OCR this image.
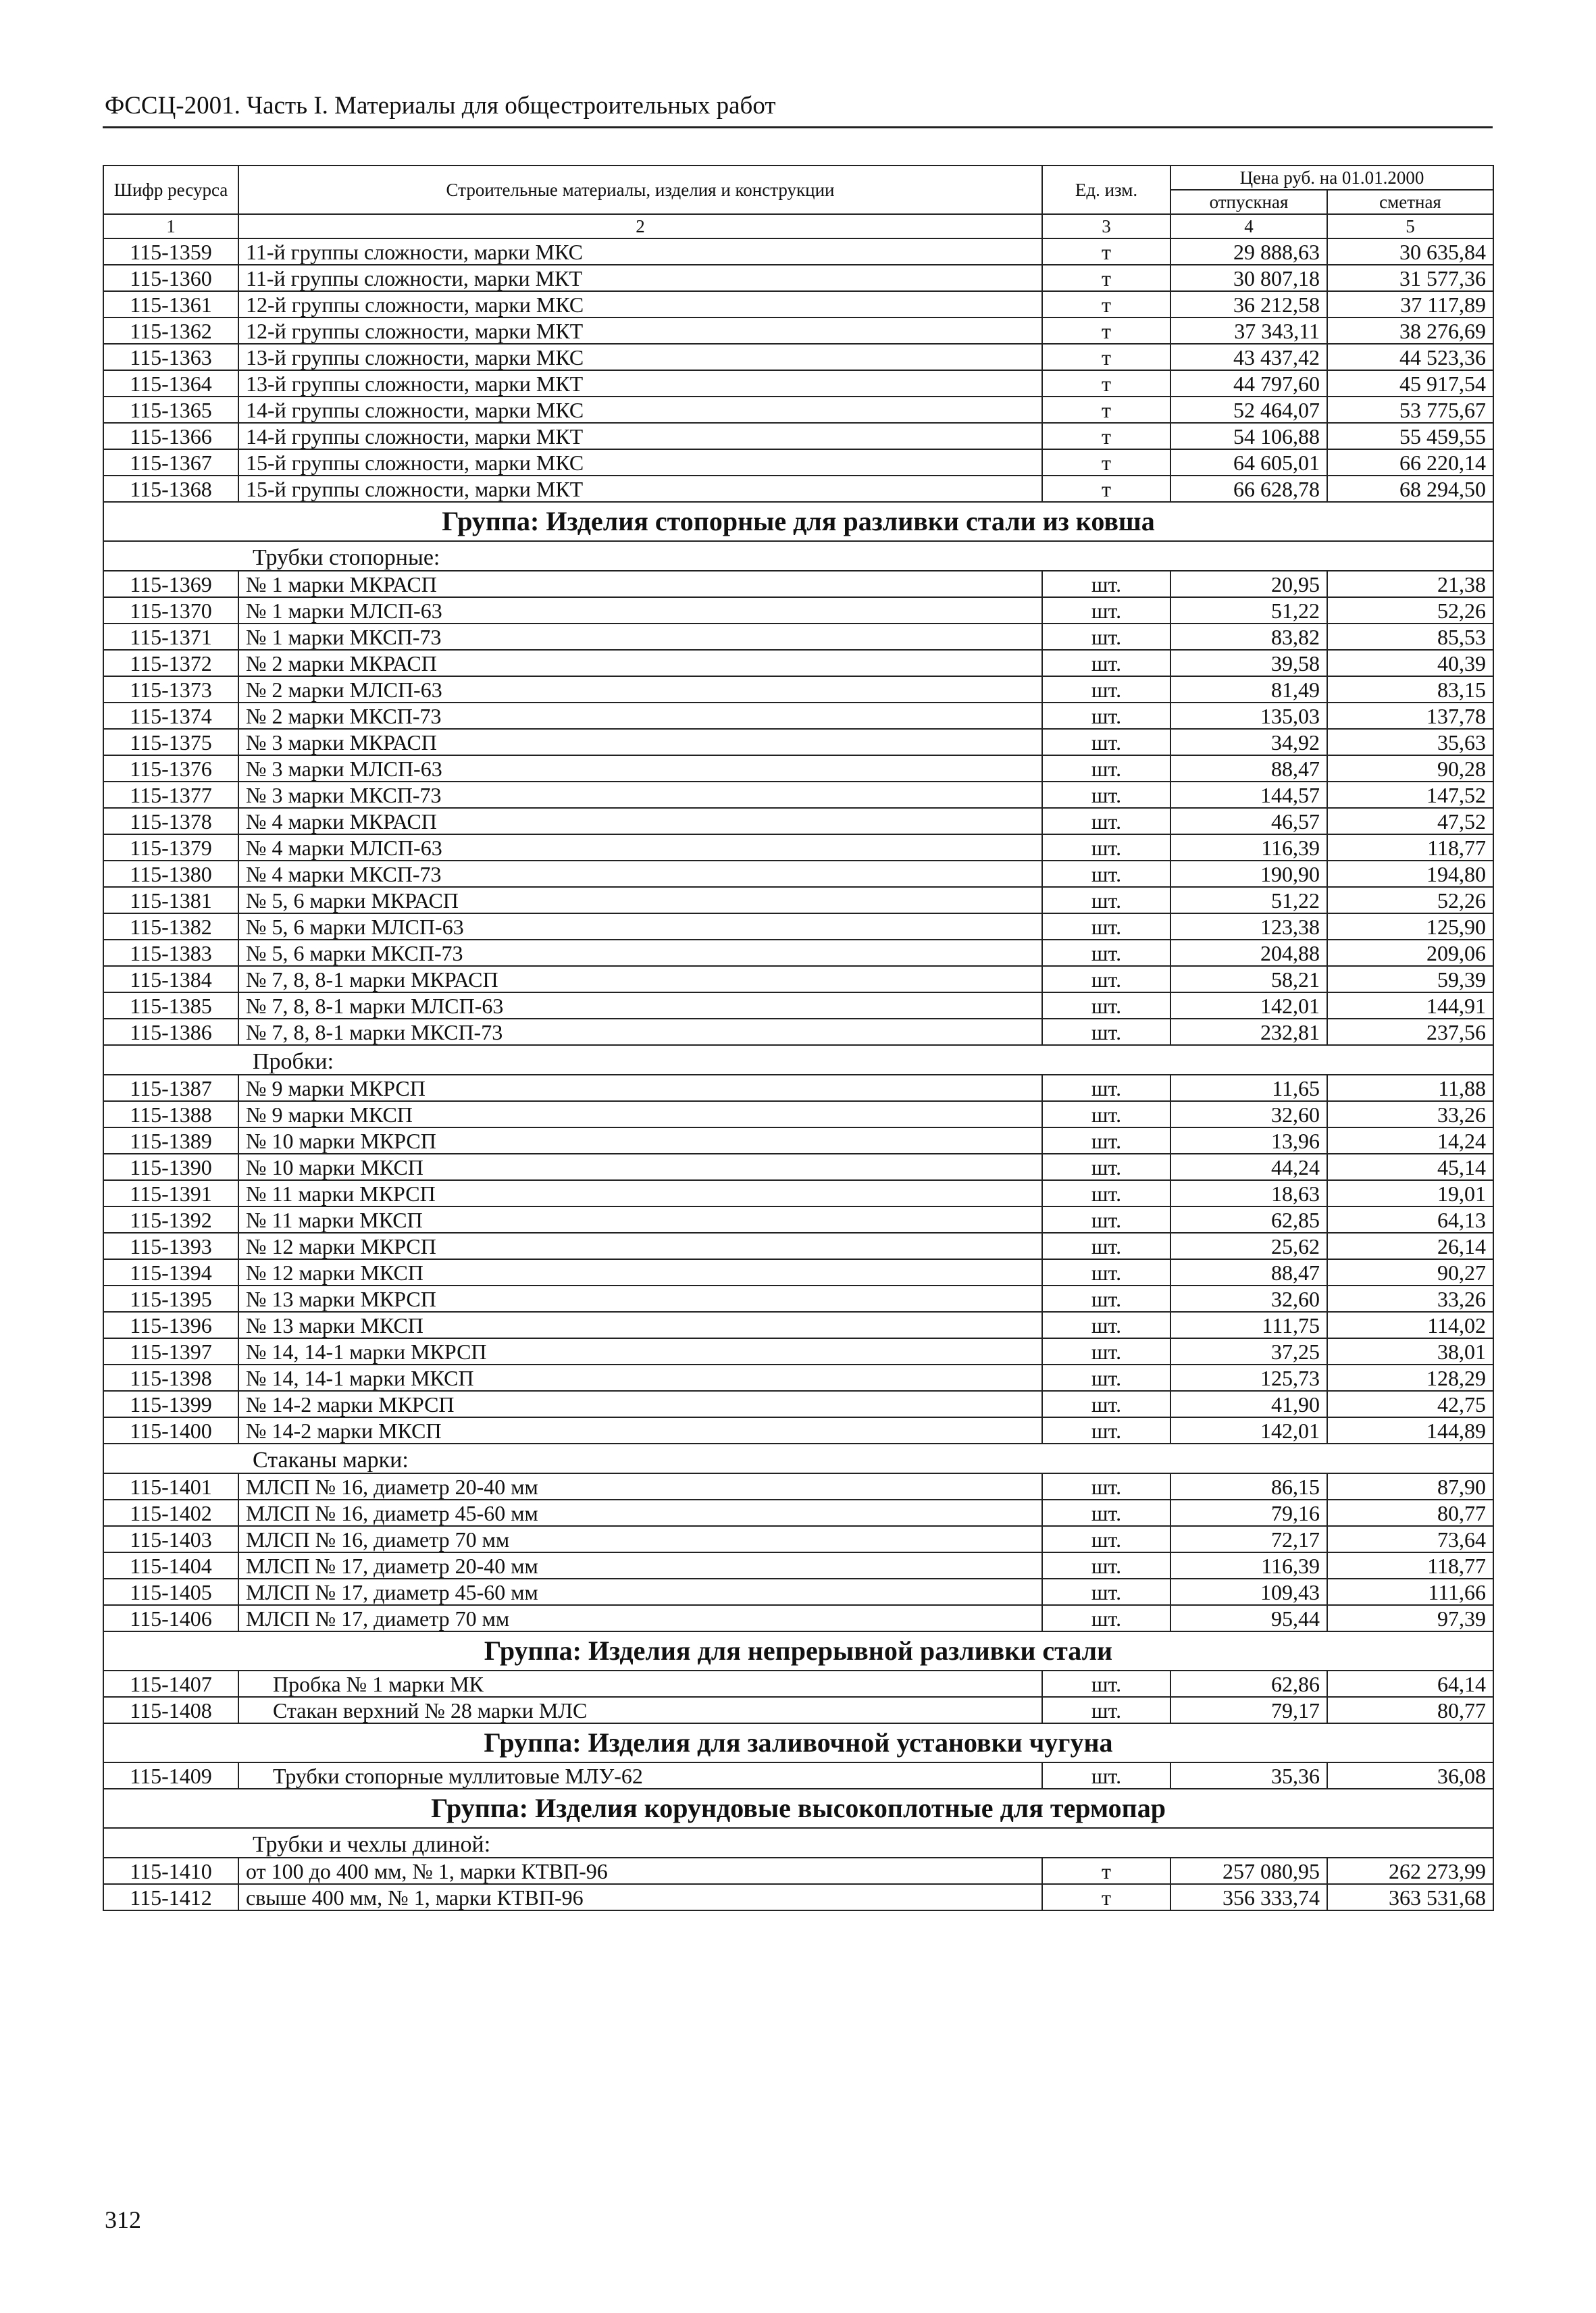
ФССЦ-2001. Часть I. Материалы для общестроительных работ
Шифр ресурса	Строительные материалы, изделия и конструкции	Ед. изм.	Цена руб. на 01.01.2000	
			отпускная	сметная
1	2	3	4	5
115-1359	11-й группы сложности, марки МКС	т	29 888,63	30 635,84
115-1360	11-й группы сложности, марки МКТ	т	30 807,18	31 577,36
115-1361	12-й группы сложности, марки МКС	т	36 212,58	37 117,89
115-1362	12-й группы сложности, марки МКТ	т	37 343,11	38 276,69
115-1363	13-й группы сложности, марки МКС	т	43 437,42	44 523,36
115-1364	13-й группы сложности, марки МКТ	т	44 797,60	45 917,54
115-1365	14-й группы сложности, марки МКС	т	52 464,07	53 775,67
115-1366	14-й группы сложности, марки МКТ	т	54 106,88	55 459,55
115-1367	15-й группы сложности, марки МКС	т	64 605,01	66 220,14
115-1368	15-й группы сложности, марки МКТ	т	66 628,78	68 294,50
Группа: Изделия стопорные для разливки стали из ковша				
Трубки стопорные:				
115-1369	№ 1 марки МКРАСП	шт.	20,95	21,38
115-1370	№ 1 марки МЛСП-63	шт.	51,22	52,26
115-1371	№ 1 марки МКСП-73	шт.	83,82	85,53
115-1372	№ 2 марки МКРАСП	шт.	39,58	40,39
115-1373	№ 2 марки МЛСП-63	шт.	81,49	83,15
115-1374	№ 2 марки МКСП-73	шт.	135,03	137,78
115-1375	№ 3 марки МКРАСП	шт.	34,92	35,63
115-1376	№ 3 марки МЛСП-63	шт.	88,47	90,28
115-1377	№ 3 марки МКСП-73	шт.	144,57	147,52
115-1378	№ 4 марки МКРАСП	шт.	46,57	47,52
115-1379	№ 4 марки МЛСП-63	шт.	116,39	118,77
115-1380	№ 4 марки МКСП-73	шт.	190,90	194,80
115-1381	№ 5, 6 марки МКРАСП	шт.	51,22	52,26
115-1382	№ 5, 6 марки МЛСП-63	шт.	123,38	125,90
115-1383	№ 5, 6 марки МКСП-73	шт.	204,88	209,06
115-1384	№ 7, 8, 8-1 марки МКРАСП	шт.	58,21	59,39
115-1385	№ 7, 8, 8-1 марки МЛСП-63	шт.	142,01	144,91
115-1386	№ 7, 8, 8-1 марки МКСП-73	шт.	232,81	237,56
Пробки:				
115-1387	№ 9 марки МКРСП	шт.	11,65	11,88
115-1388	№ 9 марки МКСП	шт.	32,60	33,26
115-1389	№ 10 марки МКРСП	шт.	13,96	14,24
115-1390	№ 10 марки МКСП	шт.	44,24	45,14
115-1391	№ 11 марки МКРСП	шт.	18,63	19,01
115-1392	№ 11 марки МКСП	шт.	62,85	64,13
115-1393	№ 12 марки МКРСП	шт.	25,62	26,14
115-1394	№ 12 марки МКСП	шт.	88,47	90,27
115-1395	№ 13 марки МКРСП	шт.	32,60	33,26
115-1396	№ 13 марки МКСП	шт.	111,75	114,02
115-1397	№ 14, 14-1 марки МКРСП	шт.	37,25	38,01
115-1398	№ 14, 14-1 марки МКСП	шт.	125,73	128,29
115-1399	№ 14-2 марки МКРСП	шт.	41,90	42,75
115-1400	№ 14-2 марки МКСП	шт.	142,01	144,89
Стаканы марки:				
115-1401	МЛСП № 16, диаметр 20-40 мм	шт.	86,15	87,90
115-1402	МЛСП № 16, диаметр 45-60 мм	шт.	79,16	80,77
115-1403	МЛСП № 16, диаметр 70 мм	шт.	72,17	73,64
115-1404	МЛСП № 17, диаметр 20-40 мм	шт.	116,39	118,77
115-1405	МЛСП № 17, диаметр 45-60 мм	шт.	109,43	111,66
115-1406	МЛСП № 17, диаметр 70 мм	шт.	95,44	97,39
Группа: Изделия для непрерывной разливки стали				
115-1407	Пробка № 1 марки МК	шт.	62,86	64,14
115-1408	Стакан верхний № 28 марки МЛС	шт.	79,17	80,77
Группа: Изделия для заливочной установки чугуна				
115-1409	Трубки стопорные муллитовые МЛУ-62	шт.	35,36	36,08
Группа: Изделия корундовые высокоплотные для термопар				
Трубки и чехлы длиной:				
115-1410	от 100 до 400 мм, № 1, марки КТВП-96	т	257 080,95	262 273,99
115-1412	свыше 400 мм, № 1, марки КТВП-96	т	356 333,74	363 531,68
312
